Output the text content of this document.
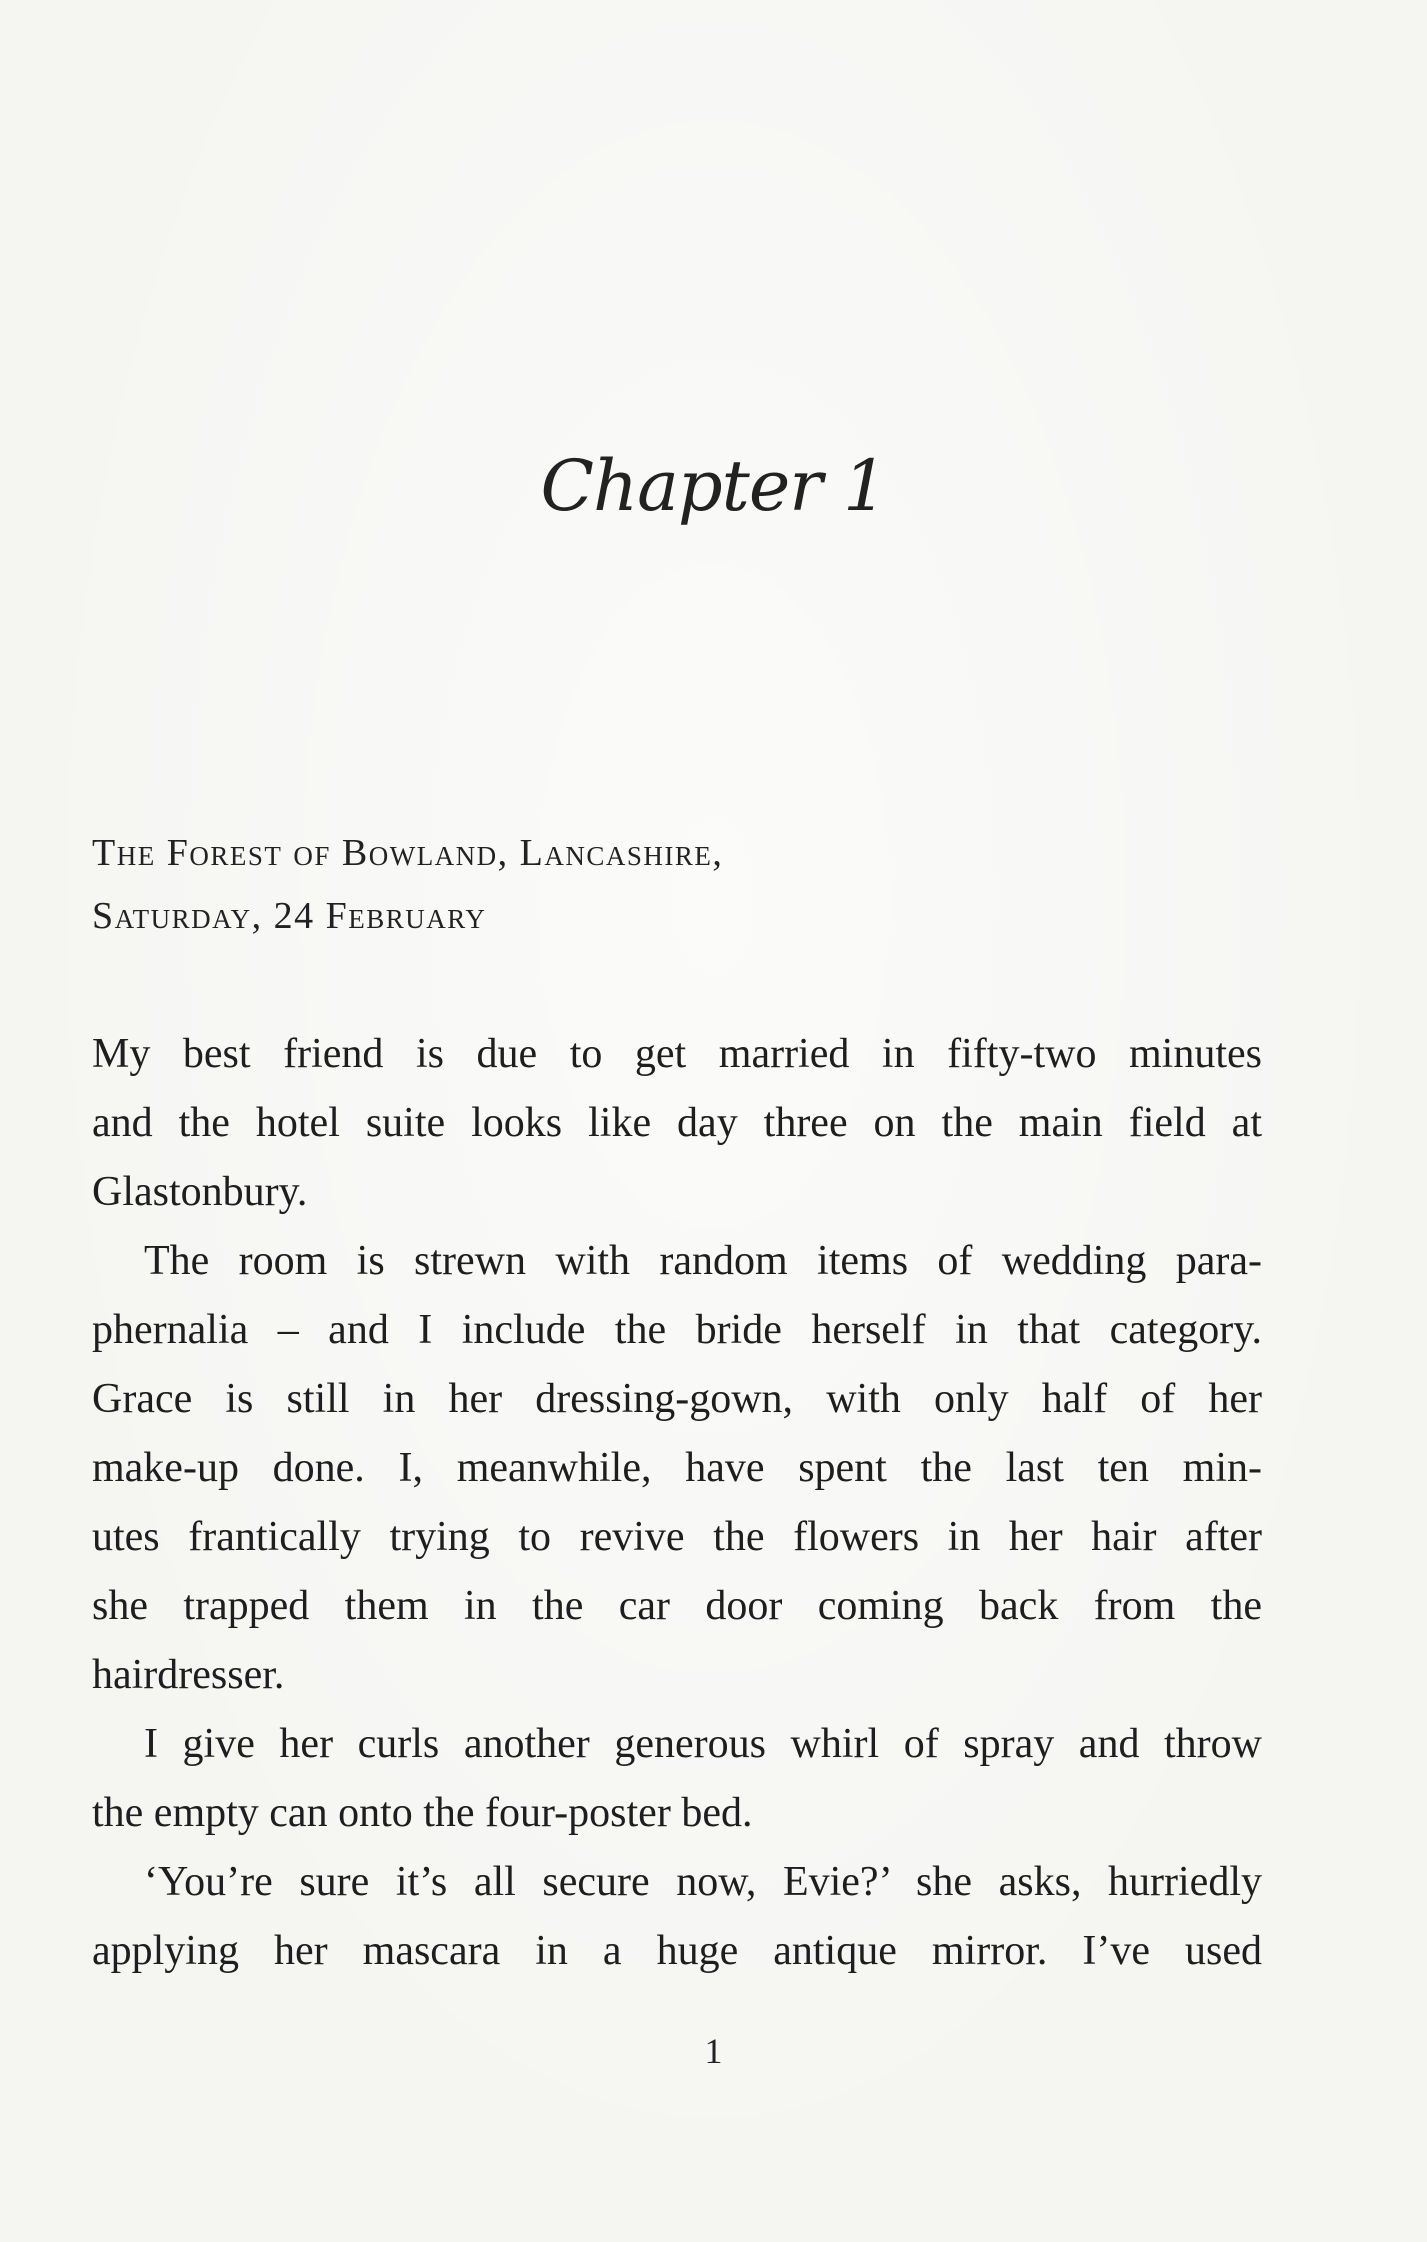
Chapter 1
The Forest of Bowland, Lancashire,
Saturday, 24 February
My best friend is due to get married in fifty-two minutes
and the hotel suite looks like day three on the main field at
Glastonbury.
The room is strewn with random items of wedding para-
phernalia – and I include the bride herself in that category.
Grace is still in her dressing-gown, with only half of her
make-up done. I, meanwhile, have spent the last ten min-
utes frantically trying to revive the flowers in her hair after
she trapped them in the car door coming back from the
hairdresser.
I give her curls another generous whirl of spray and throw
the empty can onto the four-poster bed.
‘You’re sure it’s all secure now, Evie?’ she asks, hurriedly
applying her mascara in a huge antique mirror. I’ve used
1
